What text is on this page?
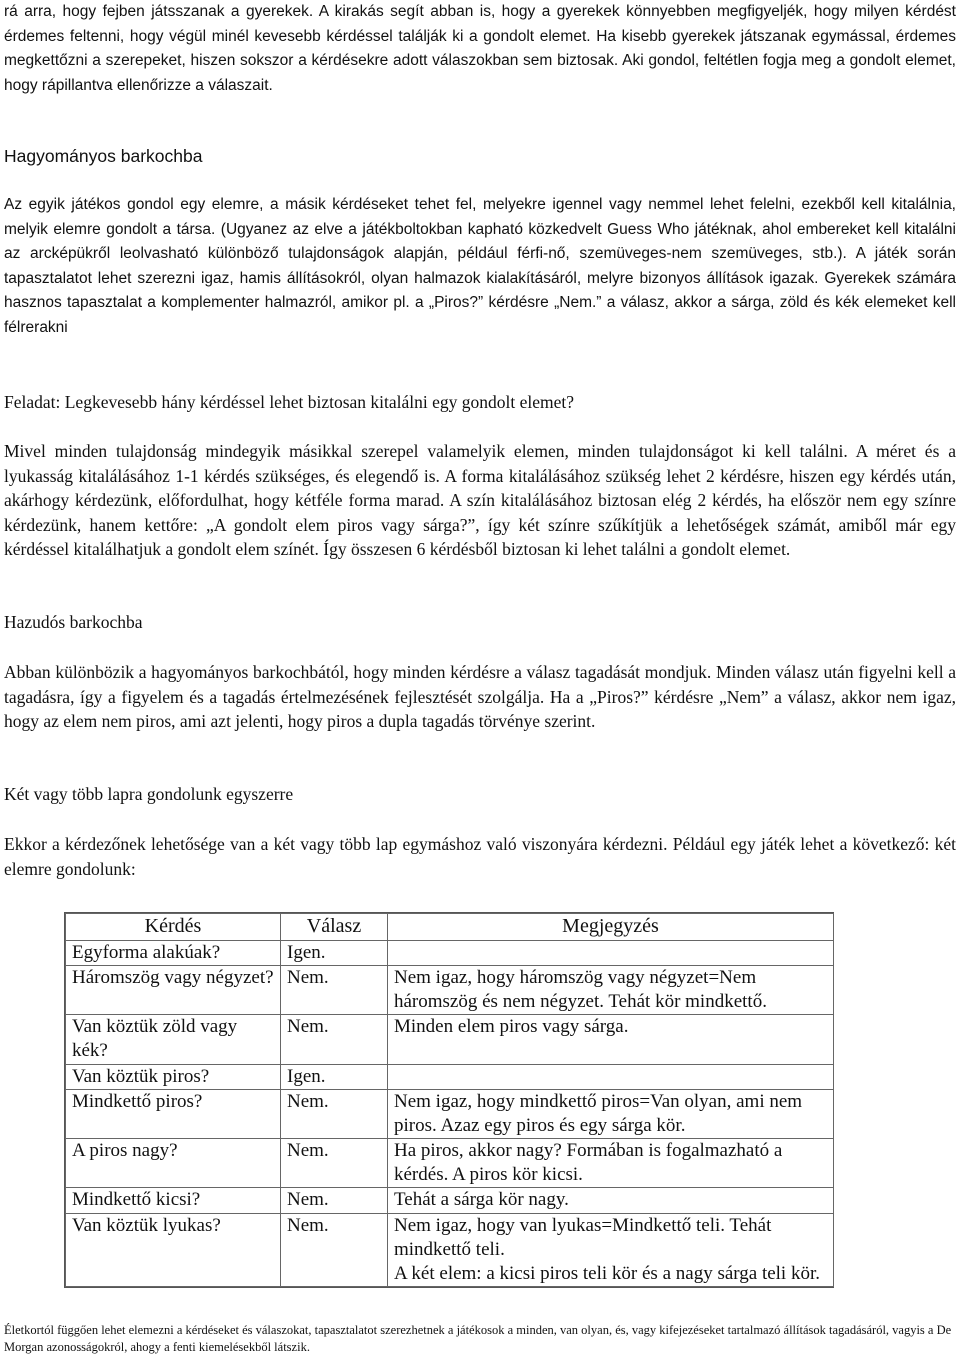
rá arra, hogy fejben játsszanak a gyerekek. A kirakás segít abban is, hogy a gyerekek könnyebben megfigyeljék, hogy milyen kérdést érdemes feltenni, hogy végül minél kevesebb kérdéssel találják ki a gondolt elemet. Ha kisebb gyerekek játszanak egymással, érdemes megkettőzni a szerepeket, hiszen sokszor a kérdésekre adott válaszokban sem biztosak. Aki gondol, feltétlen fogja meg a gondolt elemet, hogy rápillantva ellenőrizze a válaszait.

Hagyományos barkochba

Az egyik játékos gondol egy elemre, a másik kérdéseket tehet fel, melyekre igennel vagy nemmel lehet felelni, ezekből kell kitalálnia, melyik elemre gondolt a társa. (Ugyanez az elve a játékboltokban kapható közkedvelt Guess Who játéknak, ahol embereket kell kitalálni az arcképükről leolvasható különböző tulajdonságok alapján, például férfi-nő, szemüveges-nem szemüveges, stb.). A játék során tapasztalatot lehet szerezni igaz, hamis állításokról, olyan halmazok kialakításáról, melyre bizonyos állítások igazak. Gyerekek számára hasznos tapasztalat a komplementer halmazról, amikor pl. a „Piros?” kérdésre „Nem.” a válasz, akkor a sárga, zöld és kék elemeket kell félrerakni

Feladat: Legkevesebb hány kérdéssel lehet biztosan kitalálni egy gondolt elemet?

Mivel minden tulajdonság mindegyik másikkal szerepel valamelyik elemen, minden tulajdonságot ki kell találni. A méret és a lyukasság kitalálásához 1-1 kérdés szükséges, és elegendő is. A forma kitalálásához szükség lehet 2 kérdésre, hiszen egy kérdés után, akárhogy kérdezünk, előfordulhat, hogy kétféle forma marad. A szín kitalálásához biztosan elég 2 kérdés, ha először nem egy színre kérdezünk, hanem kettőre: „A gondolt elem piros vagy sárga?”, így két színre szűkítjük a lehetőségek számát, amiből már egy kérdéssel kitalálhatjuk a gondolt elem színét. Így összesen 6 kérdésből biztosan ki lehet találni a gondolt elemet.

Hazudós barkochba

Abban különbözik a hagyományos barkochbától, hogy minden kérdésre a válasz tagadását mondjuk. Minden válasz után figyelni kell a tagadásra, így a figyelem és a tagadás értelmezésének fejlesztését szolgálja. Ha a „Piros?” kérdésre „Nem” a válasz, akkor nem igaz, hogy az elem nem piros, ami azt jelenti, hogy piros a dupla tagadás törvénye szerint.

Két vagy több lapra gondolunk egyszerre

Ekkor a kérdezőnek lehetősége van a két vagy több lap egymáshoz való viszonyára kérdezni. Például egy játék lehet a következő: két elemre gondolunk:

Kérdés	Válasz	Megjegyzés
Egyforma alakúak?	Igen.	
Háromszög vagy négyzet?	Nem.	Nem igaz, hogy háromszög vagy négyzet=Nem háromszög és nem négyzet. Tehát kör mindkettő.
Van köztük zöld vagy kék?	Nem.	Minden elem piros vagy sárga.
Van köztük piros?	Igen.	
Mindkettő piros?	Nem.	Nem igaz, hogy mindkettő piros=Van olyan, ami nem piros. Azaz egy piros és egy sárga kör.
A piros nagy?	Nem.	Ha piros, akkor nagy? Formában is fogalmazható a kérdés. A piros kör kicsi.
Mindkettő kicsi?	Nem.	Tehát a sárga kör nagy.
Van köztük lyukas?	Nem.	Nem igaz, hogy van lyukas=Mindkettő teli. Tehát mindkettő teli.
A két elem: a kicsi piros teli kör és a nagy sárga teli kör.

Életkortól függően lehet elemezni a kérdéseket és válaszokat, tapasztalatot szerezhetnek a játékosok a minden, van olyan, és, vagy kifejezéseket tartalmazó állítások tagadásáról, vagyis a De Morgan azonosságokról, ahogy a fenti kiemelésekből látszik.
